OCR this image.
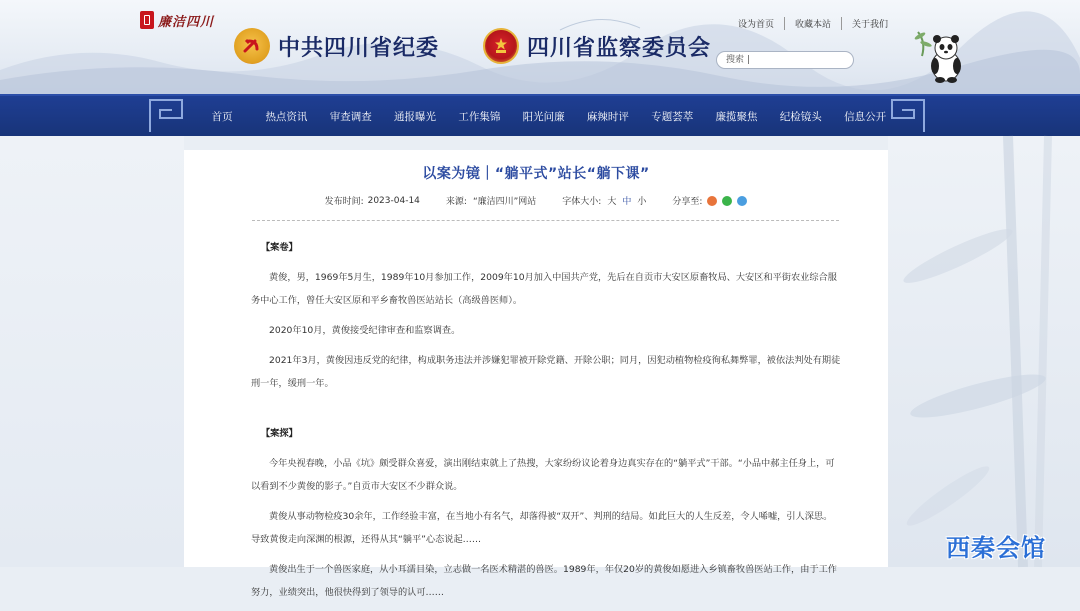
廉洁四川
中共四川省纪委	四川省监察委员会
设为首页	收藏本站	关于我们
搜索 |
首页	热点资讯	审查调查	通报曝光	工作集锦	阳光问廉	麻辣时评	专题荟萃	廉揽聚焦	纪检镜头	信息公开
以案为镜｜“躺平式”站长“躺下课”
发布时间: 2023-04-14	来源: “廉洁四川”网站	字体大小: 大 中 小	分享至:

【案卷】

黄俊，男，1969年5月生，1989年10月参加工作，2009年10月加入中国共产党，先后在自贡市大安区原畜牧局、大安区和平街农业综合服务中心工作，曾任大安区原和平乡畜牧兽医站站长（高级兽医师）。

2020年10月，黄俊接受纪律审查和监察调查。

2021年3月，黄俊因违反党的纪律，构成职务违法并涉嫌犯罪被开除党籍、开除公职；同月，因犯动植物检疫徇私舞弊罪，被依法判处有期徒刑一年，缓刑一年。

【案探】

今年央视春晚，小品《坑》颇受群众喜爱，演出刚结束就上了热搜，大家纷纷议论着身边真实存在的“躺平式”干部。“小品中郝主任身上，可以看到不少黄俊的影子。”自贡市大安区不少群众说。

黄俊从事动物检疫30余年，工作经验丰富，在当地小有名气，却落得被“双开”、判刑的结局。如此巨大的人生反差，令人唏嘘，引人深思。导致黄俊走向深渊的根源，还得从其“躺平”心态说起……

黄俊出生于一个兽医家庭，从小耳濡目染，立志做一名医术精湛的兽医。1989年，年仅20岁的黄俊如愿进入乡镇畜牧兽医站工作，由于工作努力，业绩突出，他很快得到了领导的认可……

西秦会馆
